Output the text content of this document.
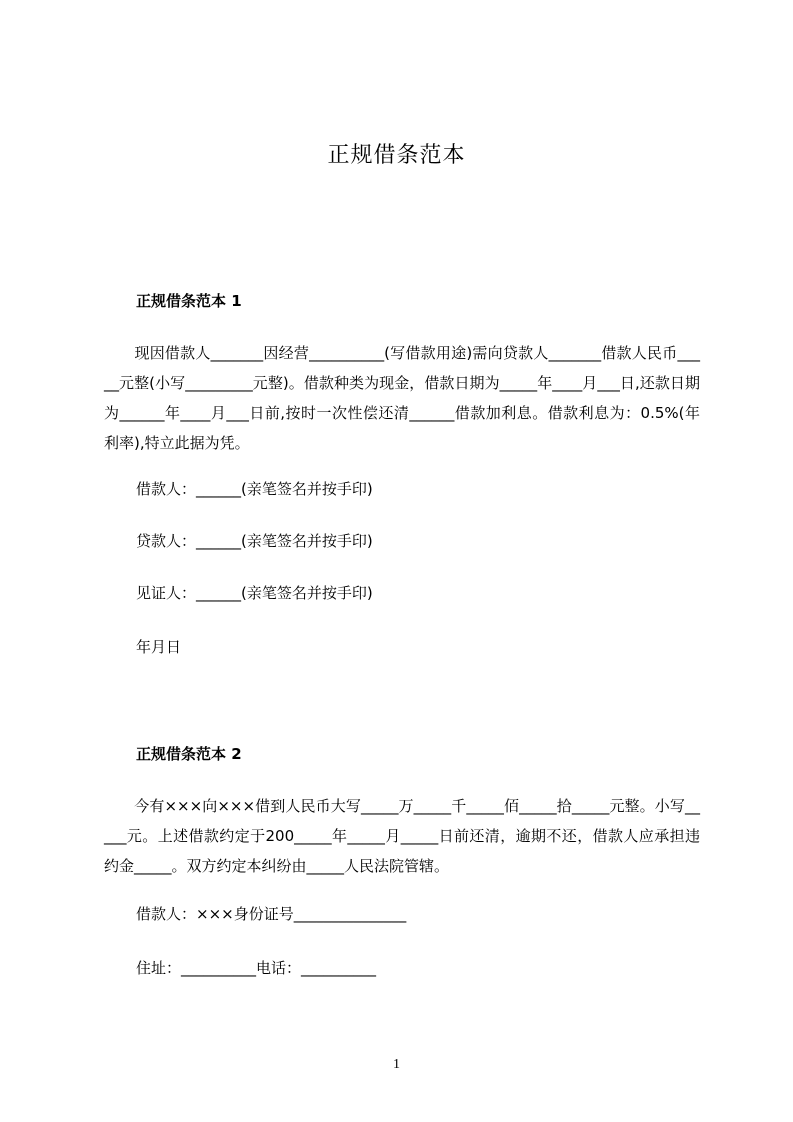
正规借条范本
正规借条范本 1
　　现因借款人_______因经营__________(写借款用途)需向贷款人_______借款人民币_____元整(小写_________元整)。借款种类为现金，借款日期为_____年____月___日,还款日期为______年____月___日前,按时一次性偿还清______借款加利息。借款利息为：0.5%(年利率),特立此据为凭。
借款人：______(亲笔签名并按手印)
贷款人：______(亲笔签名并按手印)
见证人：______(亲笔签名并按手印)
年月日
正规借条范本 2
　　今有×××向×××借到人民币大写_____万_____千_____佰_____拾_____元整。小写_____元。上述借款约定于200_____年_____月_____日前还清，逾期不还，借款人应承担违约金_____。双方约定本纠纷由_____人民法院管辖。
借款人：×××身份证号_______________
住址：__________电话：__________
1
